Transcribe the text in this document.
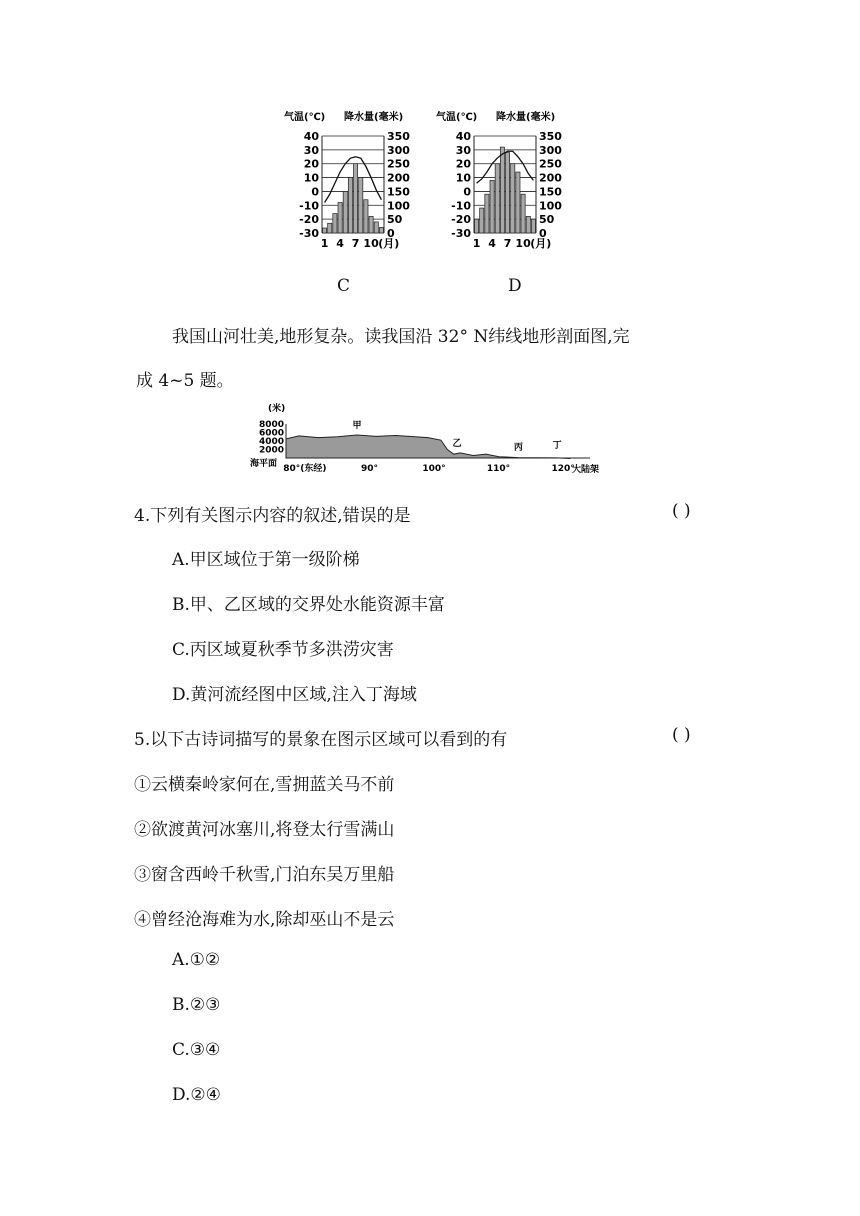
气温(℃) 降水量(毫米)
40
30
20
10
0
-10
-20
-30
350
300
250
200
150
100
50
0
1 4 7 10 (月)
C
气温(℃) 降水量(毫米)
40
30
20
10
0
-10
-20
-30
350
300
250
200
150
100
50
0
1 4 7 10 (月)
D
我国山河壮美,地形复杂。读我国沿 32° N纬线地形剖面图,完
成 4~5 题。
(米)
8000
6000
4000
2000
海平面 80°(东经)	90°	100°	110°	120°
甲
乙	丙	丁
大陆架
4.下列有关图示内容的叙述,错误的是	( )
A.甲区域位于第一级阶梯
B.甲、乙区域的交界处水能资源丰富
C.丙区域夏秋季节多洪涝灾害
D.黄河流经图中区域,注入丁海域
5.以下古诗词描写的景象在图示区域可以看到的有	( )
①云横秦岭家何在,雪拥蓝关马不前
②欲渡黄河冰塞川,将登太行雪满山
③窗含西岭千秋雪,门泊东吴万里船
④曾经沧海难为水,除却巫山不是云
A.①②
B.②③
C.③④
D.②④
